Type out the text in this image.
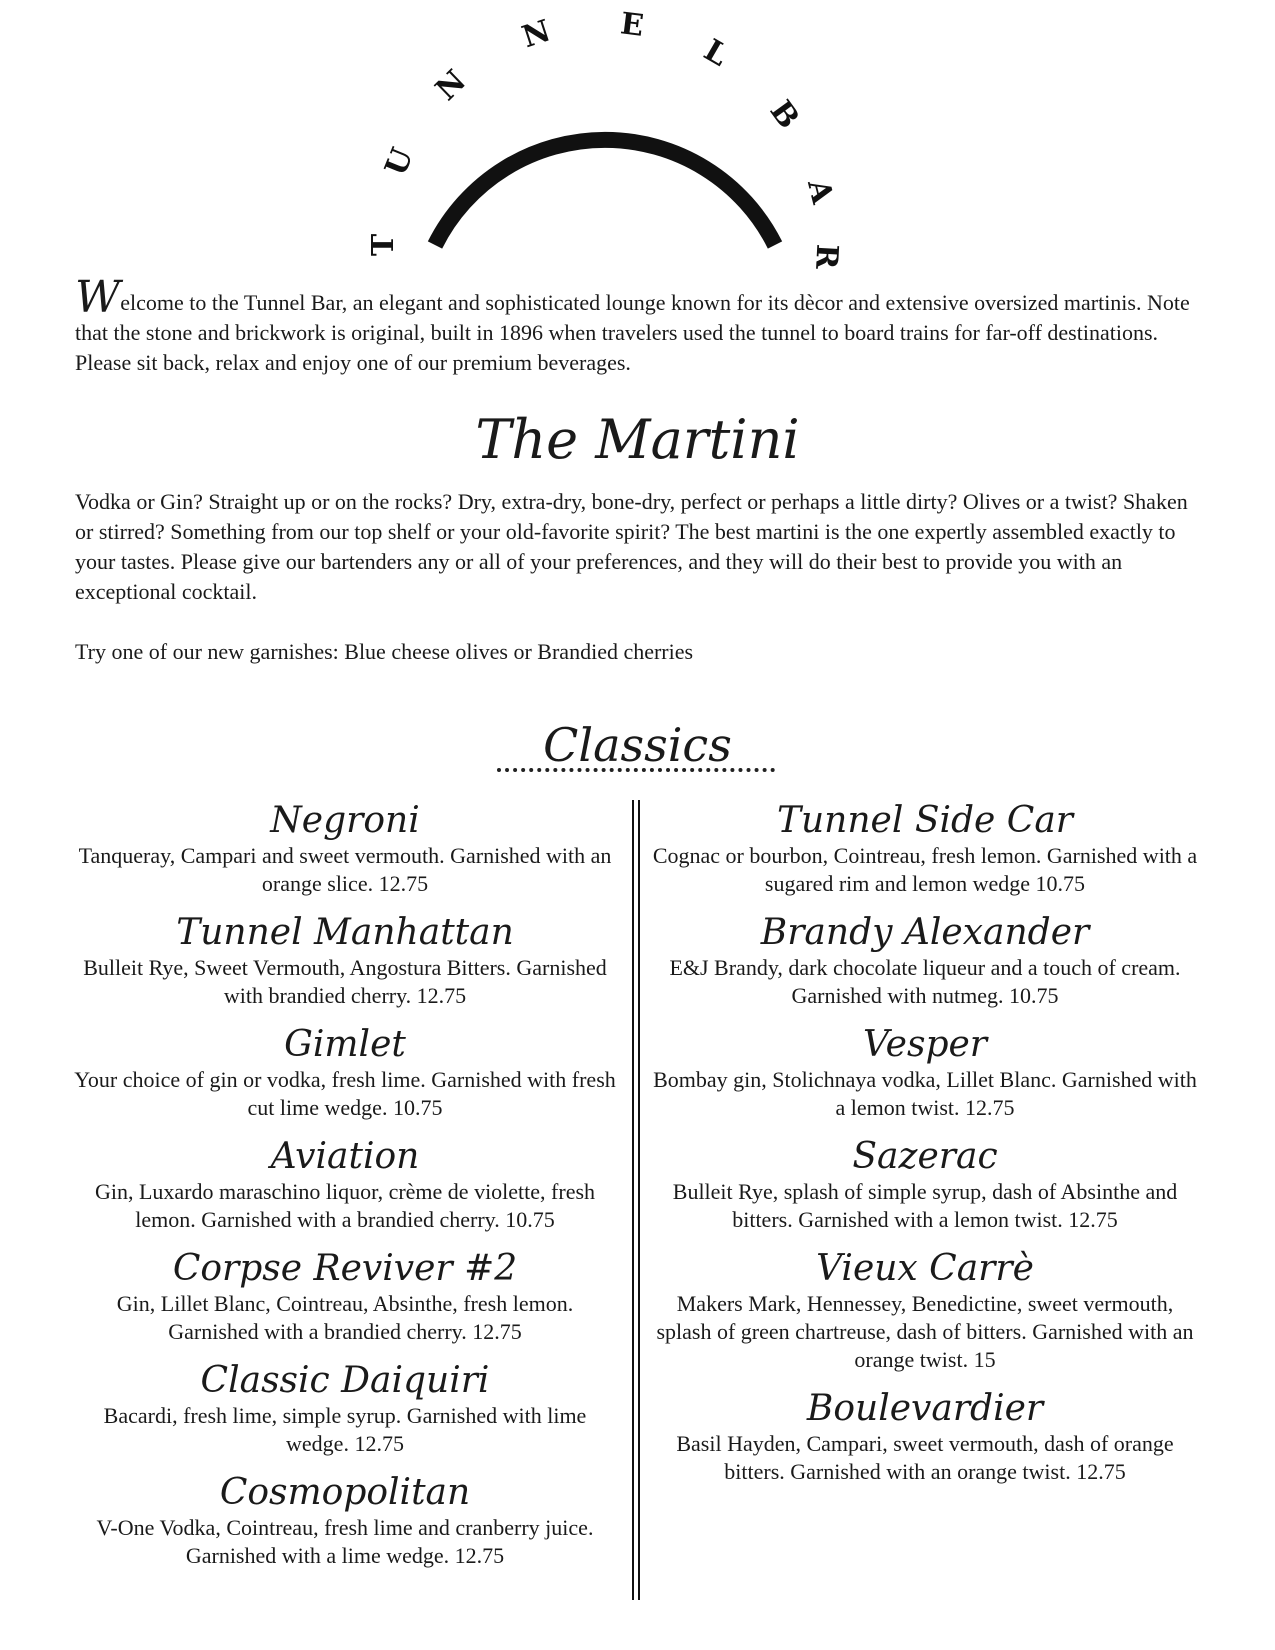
T
U
N
N E
L
B
A
R

Welcome to the Tunnel Bar, an elegant and sophisticated lounge known for its dècor and extensive oversized martinis. Note that the stone and brickwork is original, built in 1896 when travelers used the tunnel to board trains for far-off destinations. Please sit back, relax and enjoy one of our premium beverages.

The Martini

Vodka or Gin? Straight up or on the rocks? Dry, extra-dry, bone-dry, perfect or perhaps a little dirty? Olives or a twist? Shaken or stirred? Something from our top shelf or your old-favorite spirit? The best martini is the one expertly assembled exactly to your tastes. Please give our bartenders any or all of your preferences, and they will do their best to provide you with an exceptional cocktail.

Try one of our new garnishes: Blue cheese olives or Brandied cherries

Classics
Negroni
Tanqueray, Campari and sweet vermouth. Garnished with an orange slice. 12.75
Tunnel Manhattan
Bulleit Rye, Sweet Vermouth, Angostura Bitters. Garnished with brandied cherry. 12.75
Gimlet
Your choice of gin or vodka, fresh lime. Garnished with fresh cut lime wedge. 10.75
Aviation
Gin, Luxardo maraschino liquor, crème de violette, fresh lemon. Garnished with a brandied cherry. 10.75
Corpse Reviver #2
Gin, Lillet Blanc, Cointreau, Absinthe, fresh lemon. Garnished with a brandied cherry. 12.75
Classic Daiquiri
Bacardi, fresh lime, simple syrup. Garnished with lime wedge. 12.75
Cosmopolitan
V-One Vodka, Cointreau, fresh lime and cranberry juice. Garnished with a lime wedge. 12.75
Tunnel Side Car
Cognac or bourbon, Cointreau, fresh lemon. Garnished with a sugared rim and lemon wedge 10.75
Brandy Alexander
E&J Brandy, dark chocolate liqueur and a touch of cream. Garnished with nutmeg. 10.75
Vesper
Bombay gin, Stolichnaya vodka, Lillet Blanc. Garnished with a lemon twist. 12.75
Sazerac
Bulleit Rye, splash of simple syrup, dash of Absinthe and bitters. Garnished with a lemon twist. 12.75
Vieux Carrè
Makers Mark, Hennessey, Benedictine, sweet vermouth, splash of green chartreuse, dash of bitters. Garnished with an orange twist. 15
Boulevardier
Basil Hayden, Campari, sweet vermouth, dash of orange bitters. Garnished with an orange twist. 12.75
